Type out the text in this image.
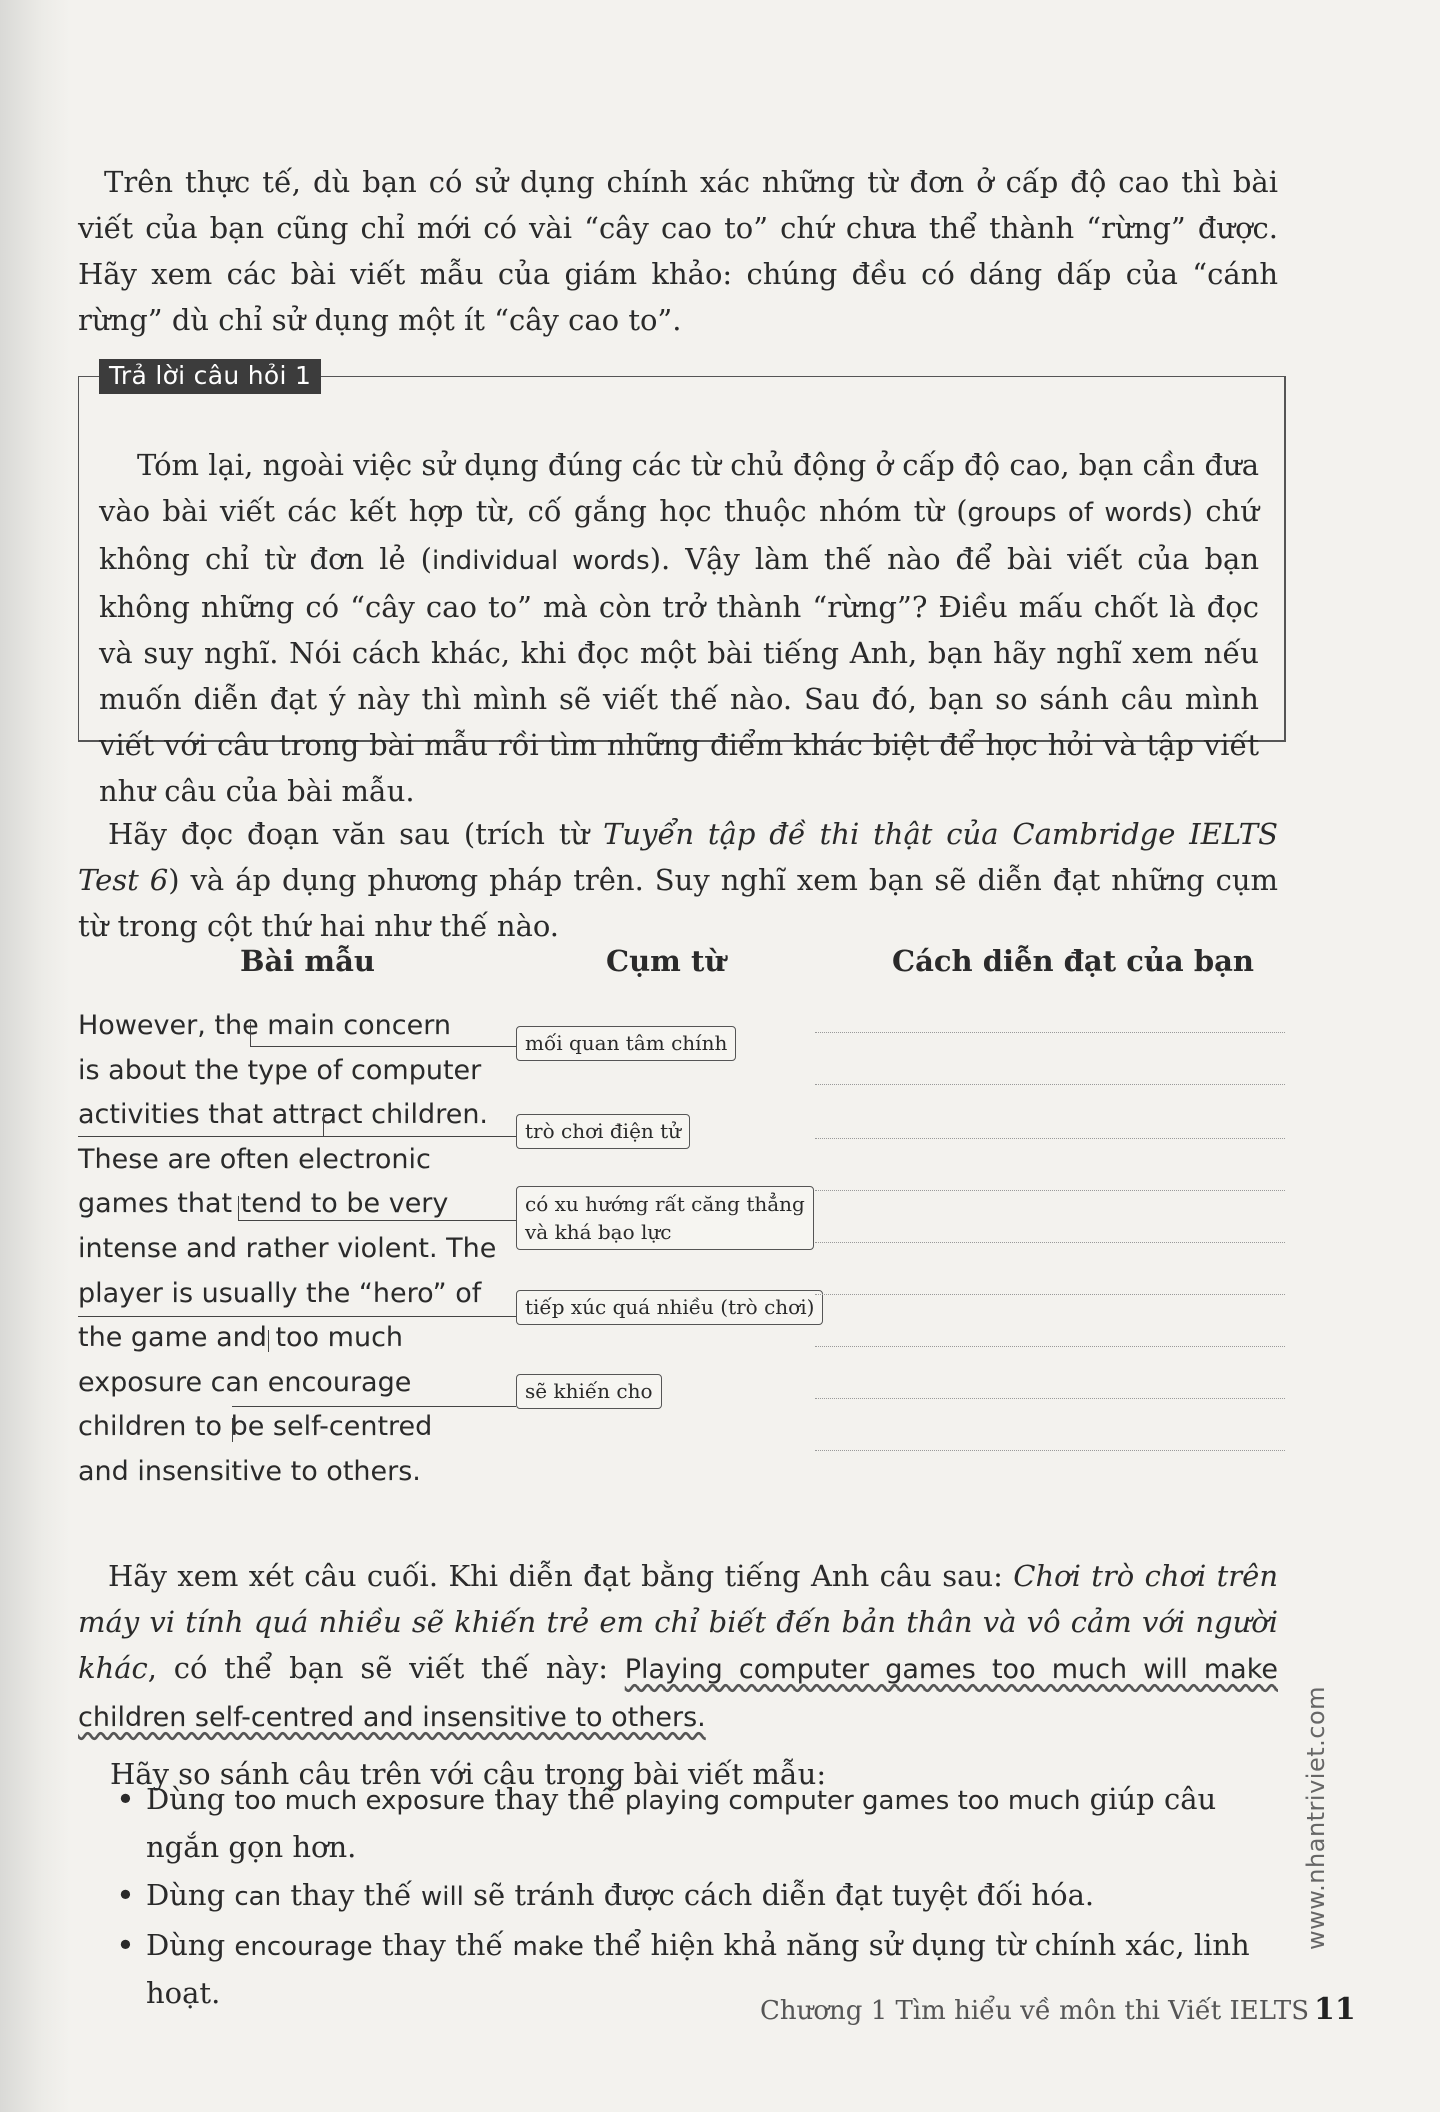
Trên thực tế, dù bạn có sử dụng chính xác những từ đơn ở cấp độ cao thì bài viết của bạn cũng chỉ mới có vài “cây cao to” chứ chưa thể thành “rừng” được. Hãy xem các bài viết mẫu của giám khảo: chúng đều có dáng dấp của “cánh rừng” dù chỉ sử dụng một ít “cây cao to”.

Trả lời câu hỏi 1

Tóm lại, ngoài việc sử dụng đúng các từ chủ động ở cấp độ cao, bạn cần đưa vào bài viết các kết hợp từ, cố gắng học thuộc nhóm từ (groups of words) chứ không chỉ từ đơn lẻ (individual words). Vậy làm thế nào để bài viết của bạn không những có “cây cao to” mà còn trở thành “rừng”? Điều mấu chốt là đọc và suy nghĩ. Nói cách khác, khi đọc một bài tiếng Anh, bạn hãy nghĩ xem nếu muốn diễn đạt ý này thì mình sẽ viết thế nào. Sau đó, bạn so sánh câu mình viết với câu trong bài mẫu rồi tìm những điểm khác biệt để học hỏi và tập viết như câu của bài mẫu.

Hãy đọc đoạn văn sau (trích từ Tuyển tập đề thi thật của Cambridge IELTS Test 6) và áp dụng phương pháp trên. Suy nghĩ xem bạn sẽ diễn đạt những cụm từ trong cột thứ hai như thế nào.

Bài mẫu	Cụm từ	Cách diễn đạt của bạn
However, the main concern
is about the type of computer
activities that attract children.
These are often electronic
games that tend to be very
intense and rather violent. The
player is usually the “hero” of
the game and too much
exposure can encourage
children to be self-centred
and insensitive to others.
mối quan tâm chính
trò chơi điện tử
có xu hướng rất căng thẳng
và khá bạo lực
tiếp xúc quá nhiều (trò chơi)
sẽ khiến cho

Hãy xem xét câu cuối. Khi diễn đạt bằng tiếng Anh câu sau: Chơi trò chơi trên máy vi tính quá nhiều sẽ khiến trẻ em chỉ biết đến bản thân và vô cảm với người khác, có thể bạn sẽ viết thế này: Playing computer games too much will make children self-centred and insensitive to others.

Hãy so sánh câu trên với câu trong bài viết mẫu:

• Dùng too much exposure thay thế playing computer games too much giúp câu ngắn gọn hơn.
• Dùng can thay thế will sẽ tránh được cách diễn đạt tuyệt đối hóa.
• Dùng encourage thay thế make thể hiện khả năng sử dụng từ chính xác, linh hoạt.
www.nhantriviet.com
Chương 1 Tìm hiểu về môn thi Viết IELTS 11
